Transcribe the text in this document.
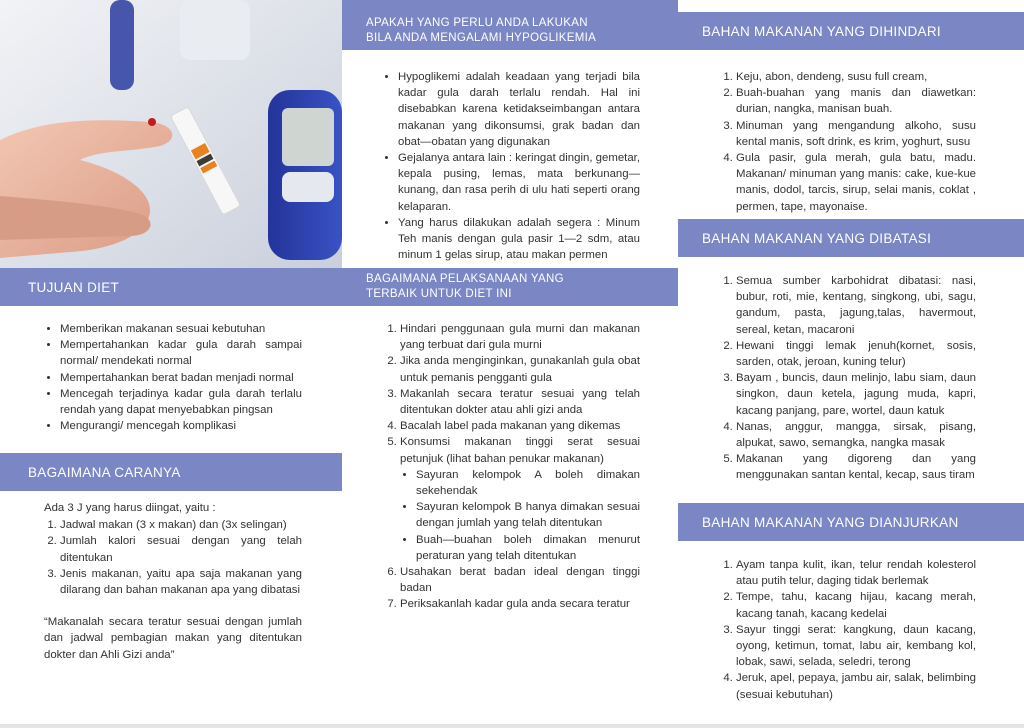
TUJUAN DIET
• Memberikan makanan sesuai kebutuhan
• Mempertahankan kadar gula darah sampai normal/ mendekati normal
• Mempertahankan berat badan menjadi normal
• Mencegah terjadinya kadar gula darah terlalu rendah yang dapat menyebabkan pingsan
• Mengurangi/ mencegah komplikasi
BAGAIMANA CARANYA

Ada 3 J yang harus diingat, yaitu :

1. Jadwal makan (3 x makan) dan (3x selingan)
2. Jumlah kalori sesuai dengan yang telah ditentukan
3. Jenis makanan, yaitu apa saja makanan yang dilarang dan bahan makanan apa yang dibatasi

“Makanalah secara teratur sesuai dengan jumlah dan jadwal pembagian makan yang ditentukan dokter dan Ahli Gizi anda”

APAKAH YANG PERLU ANDA LAKUKAN BILA ANDA MENGALAMI HYPOGLIKEMIA
• Hypoglikemi adalah keadaan yang terjadi bila kadar gula darah terlalu rendah. Hal ini disebabkan karena ketidakseimbangan antara makanan yang dikonsumsi, grak badan dan obat—obatan yang digunakan
• Gejalanya antara lain : keringat dingin, gemetar, kepala pusing, lemas, mata berkunang—kunang, dan rasa perih di ulu hati seperti orang kelaparan.
• Yang harus dilakukan adalah segera : Minum Teh manis dengan gula pasir 1—2 sdm, atau minum 1 gelas sirup, atau makan permen
BAGAIMANA PELAKSANAAN YANG TERBAIK UNTUK DIET INI
1. Hindari penggunaan gula murni dan makanan yang terbuat dari gula murni
2. Jika anda menginginkan, gunakanlah gula obat untuk pemanis pengganti gula
3. Makanlah secara teratur sesuai yang telah ditentukan dokter atau ahli gizi anda
4. Bacalah label pada makanan yang dikemas
5. Konsumsi makanan tinggi serat sesuai petunjuk (lihat bahan penukar makanan)
• Sayuran kelompok A boleh dimakan sekehendak
• Sayuran kelompok B hanya dimakan sesuai dengan jumlah yang telah ditentukan
• Buah—buahan boleh dimakan menurut peraturan yang telah ditentukan
6. Usahakan berat badan ideal dengan tinggi badan
7. Periksakanlah kadar gula anda secara teratur
BAHAN MAKANAN YANG DIHINDARI
1. Keju, abon, dendeng, susu full cream,
2. Buah-buahan yang manis dan diawetkan: durian, nangka, manisan buah.
3. Minuman yang mengandung alkoho, susu kental manis, soft drink, es krim, yoghurt, susu
4. Gula pasir, gula merah, gula batu, madu. Makanan/ minuman yang manis: cake, kue-kue manis, dodol, tarcis, sirup, selai manis, coklat , permen, tape, mayonaise.
BAHAN MAKANAN YANG DIBATASI
1. Semua sumber karbohidrat dibatasi: nasi, bubur, roti, mie, kentang, singkong, ubi, sagu, gandum, pasta, jagung,talas, havermout, sereal, ketan, macaroni
2. Hewani tinggi lemak jenuh(kornet, sosis, sarden, otak, jeroan, kuning telur)
3. Bayam , buncis, daun melinjo, labu siam, daun singkon, daun ketela, jagung muda, kapri, kacang panjang, pare, wortel, daun katuk
4. Nanas, anggur, mangga, sirsak, pisang, alpukat, sawo, semangka, nangka masak
5. Makanan yang digoreng dan yang menggunakan santan kental, kecap, saus tiram
BAHAN MAKANAN YANG DIANJURKAN
1. Ayam tanpa kulit, ikan, telur rendah kolesterol atau putih telur, daging tidak berlemak
2. Tempe, tahu, kacang hijau, kacang merah, kacang tanah, kacang kedelai
3. Sayur tinggi serat: kangkung, daun kacang, oyong, ketimun, tomat, labu air, kembang kol, lobak, sawi, selada, seledri, terong
4. Jeruk, apel, pepaya, jambu air, salak, belimbing (sesuai kebutuhan)
